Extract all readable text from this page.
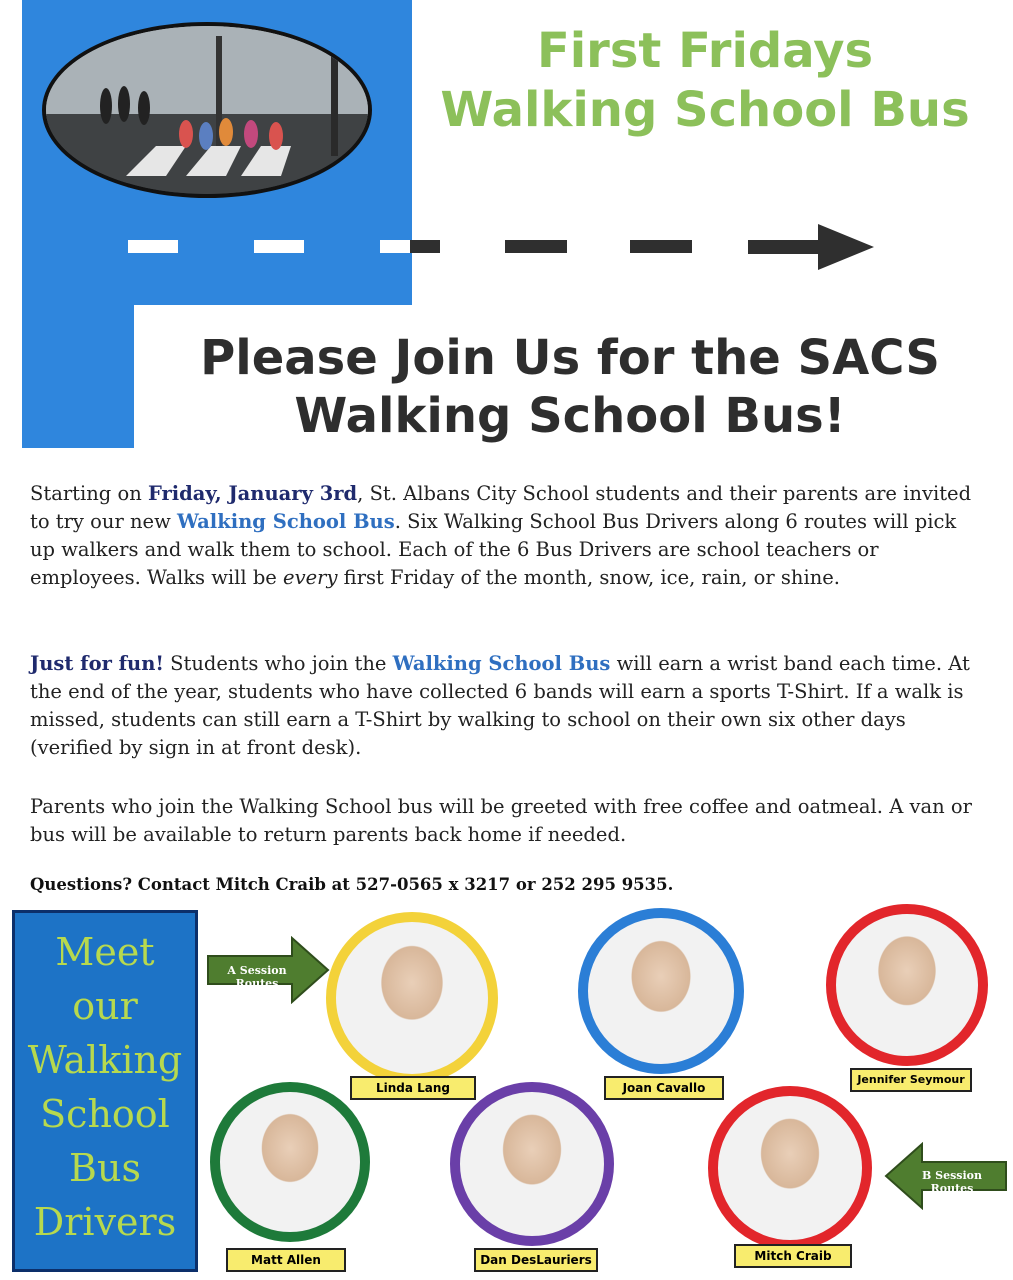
First Fridays
Walking School Bus
Please Join Us for the SACS
Walking School Bus!
Starting on Friday, January 3rd, St. Albans City School students and their parents are invited to try our new Walking School Bus. Six Walking School Bus Drivers along 6 routes will pick up walkers and walk them to school. Each of the 6 Bus Drivers are school teachers or employees. Walks will be every first Friday of the month, snow, ice, rain, or shine.
Just for fun! Students who join the Walking School Bus will earn a wrist band each time. At the end of the year, students who have collected 6 bands will earn a sports T-Shirt. If a walk is missed, students can still earn a T-Shirt by walking to school on their own six other days (verified by sign in at front desk).
Parents who join the Walking School bus will be greeted with free coffee and oatmeal. A van or bus will be available to return parents back home if needed.
Questions? Contact Mitch Craib at 527-0565 x 3217 or 252 295 9535.
Meet
our
Walking
School
Bus
Drivers
A Session Routes
B Session Routes
Linda Lang	Joan Cavallo
Jennifer Seymour
Matt Allen	Dan DesLauriers	Mitch Craib
